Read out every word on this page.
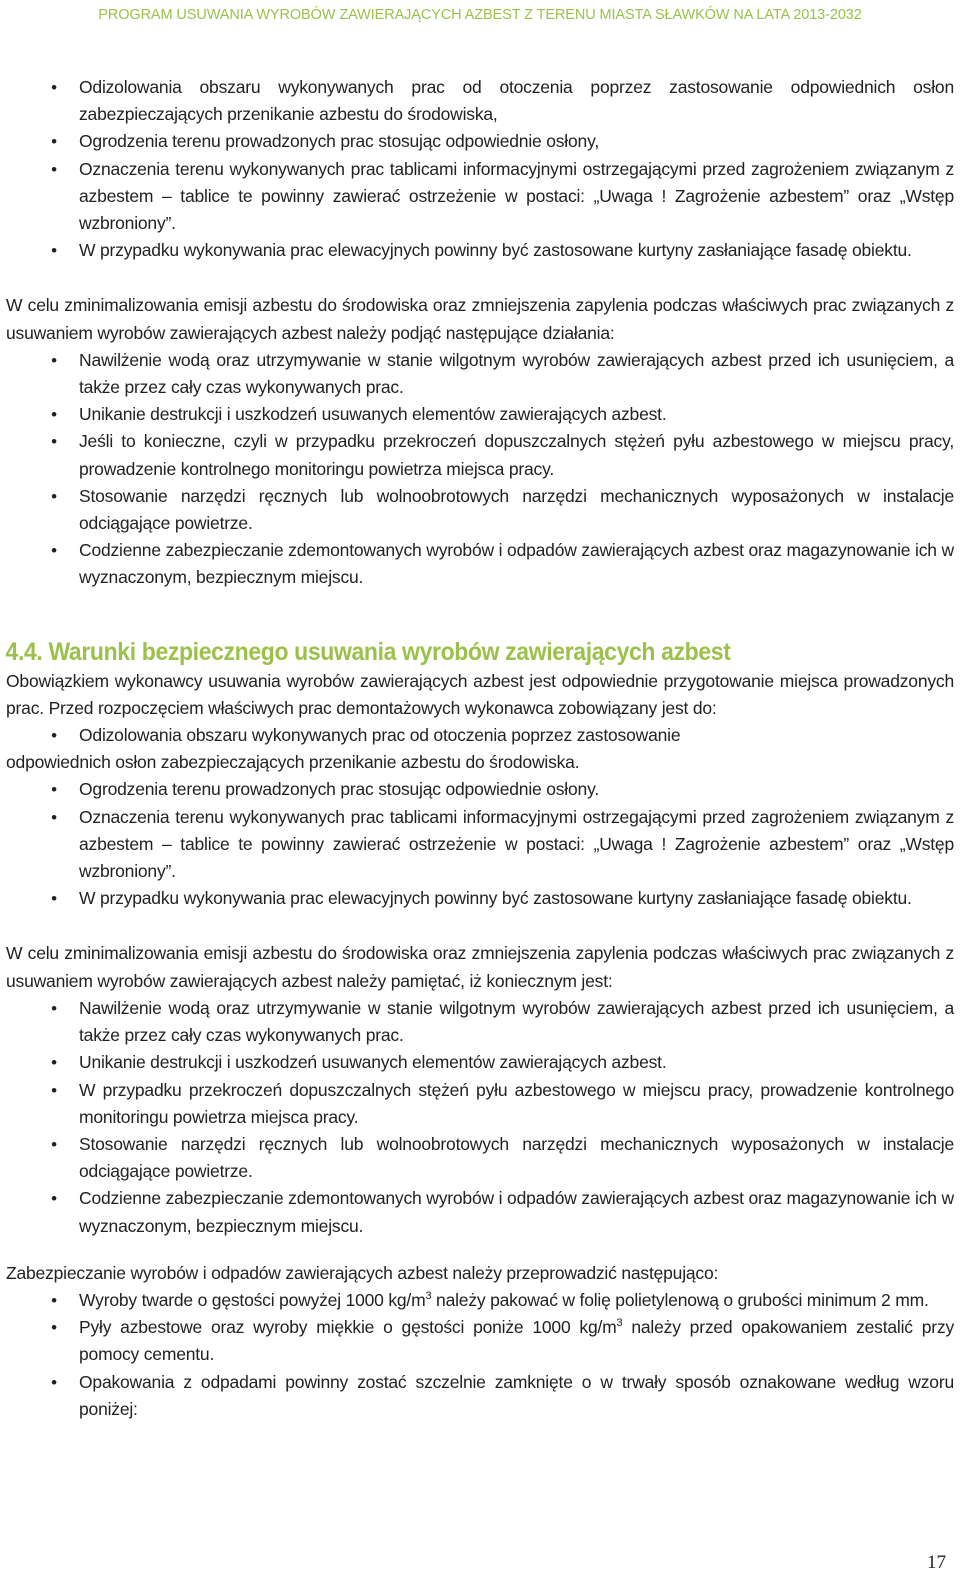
PROGRAM USUWANIA WYROBÓW ZAWIERAJĄCYCH AZBEST Z TERENU MIASTA SŁAWKÓW NA LATA 2013-2032
•	Odizolowania obszaru wykonywanych prac od otoczenia poprzez zastosowanie odpowiednich osłon zabezpieczających przenikanie azbestu do środowiska,
•	Ogrodzenia terenu prowadzonych prac stosując odpowiednie osłony,
•	Oznaczenia terenu wykonywanych prac tablicami informacyjnymi ostrzegającymi przed zagrożeniem związanym z azbestem – tablice te powinny zawierać ostrzeżenie w postaci: „Uwaga ! Zagrożenie azbestem” oraz „Wstęp wzbroniony”.
•	W przypadku wykonywania prac elewacyjnych powinny być zastosowane kurtyny zasłaniające fasadę obiektu.

W celu zminimalizowania emisji azbestu do środowiska oraz zmniejszenia zapylenia podczas właściwych prac związanych z usuwaniem wyrobów zawierających azbest należy podjąć następujące działania:

•	Nawilżenie wodą oraz utrzymywanie w stanie wilgotnym wyrobów zawierających azbest przed ich usunięciem, a także przez cały czas wykonywanych prac.
•	Unikanie destrukcji i uszkodzeń usuwanych elementów zawierających azbest.
•	Jeśli to konieczne, czyli w przypadku przekroczeń dopuszczalnych stężeń pyłu azbestowego w miejscu pracy, prowadzenie kontrolnego monitoringu powietrza miejsca pracy.
•	Stosowanie narzędzi ręcznych lub wolnoobrotowych narzędzi mechanicznych wyposażonych w instalacje odciągające powietrze.
•	Codzienne zabezpieczanie zdemontowanych wyrobów i odpadów zawierających azbest oraz magazynowanie ich w wyznaczonym, bezpiecznym miejscu.
4.4. Warunki bezpiecznego usuwania wyrobów zawierających azbest

Obowiązkiem wykonawcy usuwania wyrobów zawierających azbest jest odpowiednie przygotowanie miejsca prowadzonych prac. Przed rozpoczęciem właściwych prac demontażowych wykonawca zobowiązany jest do:

•	Odizolowania obszaru wykonywanych prac od otoczenia poprzez zastosowanie
odpowiednich osłon zabezpieczających przenikanie azbestu do środowiska.
•	Ogrodzenia terenu prowadzonych prac stosując odpowiednie osłony.
•	Oznaczenia terenu wykonywanych prac tablicami informacyjnymi ostrzegającymi przed zagrożeniem związanym z azbestem – tablice te powinny zawierać ostrzeżenie w postaci: „Uwaga ! Zagrożenie azbestem” oraz „Wstęp wzbroniony”.
•	W przypadku wykonywania prac elewacyjnych powinny być zastosowane kurtyny zasłaniające fasadę obiektu.

W celu zminimalizowania emisji azbestu do środowiska oraz zmniejszenia zapylenia podczas właściwych prac związanych z usuwaniem wyrobów zawierających azbest należy pamiętać, iż koniecznym jest:

•	Nawilżenie wodą oraz utrzymywanie w stanie wilgotnym wyrobów zawierających azbest przed ich usunięciem, a także przez cały czas wykonywanych prac.
•	Unikanie destrukcji i uszkodzeń usuwanych elementów zawierających azbest.
•	W przypadku przekroczeń dopuszczalnych stężeń pyłu azbestowego w miejscu pracy, prowadzenie kontrolnego monitoringu powietrza miejsca pracy.
•	Stosowanie narzędzi ręcznych lub wolnoobrotowych narzędzi mechanicznych wyposażonych w instalacje odciągające powietrze.
•	Codzienne zabezpieczanie zdemontowanych wyrobów i odpadów zawierających azbest oraz magazynowanie ich w wyznaczonym, bezpiecznym miejscu.

Zabezpieczanie wyrobów i odpadów zawierających azbest należy przeprowadzić następująco:

•	Wyroby twarde o gęstości powyżej 1000 $kg/m^3$ należy pakować w folię polietylenową o grubości minimum 2 mm.
•	Pyły azbestowe oraz wyroby miękkie o gęstości poniże 1000 $kg/m^3$ należy przed opakowaniem zestalić przy pomocy cementu.
•	Opakowania z odpadami powinny zostać szczelnie zamknięte o w trwały sposób oznakowane według wzoru poniżej:
17
